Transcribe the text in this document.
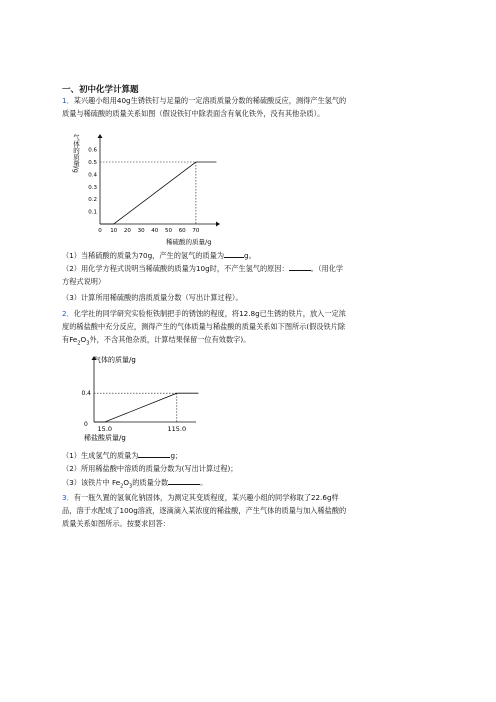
一、初中化学计算题
1．某兴趣小组用40g生锈铁钉与足量的一定溶质质量分数的稀硫酸反应，测得产生氢气的
质量与稀硫酸的质量关系如图（假设铁钉中除表面含有氧化铁外，没有其他杂质）。
气体的质量/g
0.1
0.2
0.3
0.4
0.5
0.6
0 10 20 30 40 50 60 70
稀硫酸的质量/g
（1）当稀硫酸的质量为70g，产生的氢气的质量为	g。
（2）用化学方程式说明当稀硫酸的质量为10g时，不产生氢气的原因：	。（用化学
方程式说明）
（3）计算所用稀硫酸的溶质质量分数（写出计算过程）。
2．化学社的同学研究实验柜铁制把手的锈蚀的程度，将12.8g已生锈的铁片，放入一定浓
度的稀盐酸中充分反应，测得产生的气体质量与稀盐酸的质量关系如下图所示(假设铁片除
有$Fe_2O_3$外，不含其他杂质，计算结果保留一位有效数字)。
气体的质量/g
0
0.4
15.0	115.0
稀盐酸质量/g
（1）生成氢气的质量为	g；
（2）所用稀盐酸中溶质的质量分数为(写出计算过程)；
（3）该铁片中 $Fe_2O_3$的质量分数	。
3．有一瓶久置的氢氧化钠固体，为测定其变质程度，某兴趣小组的同学称取了22.6g样
品，溶于水配成了100g溶液，逐滴滴入某浓度的稀盐酸，产生气体的质量与加入稀盐酸的
质量关系如图所示。按要求回答：
